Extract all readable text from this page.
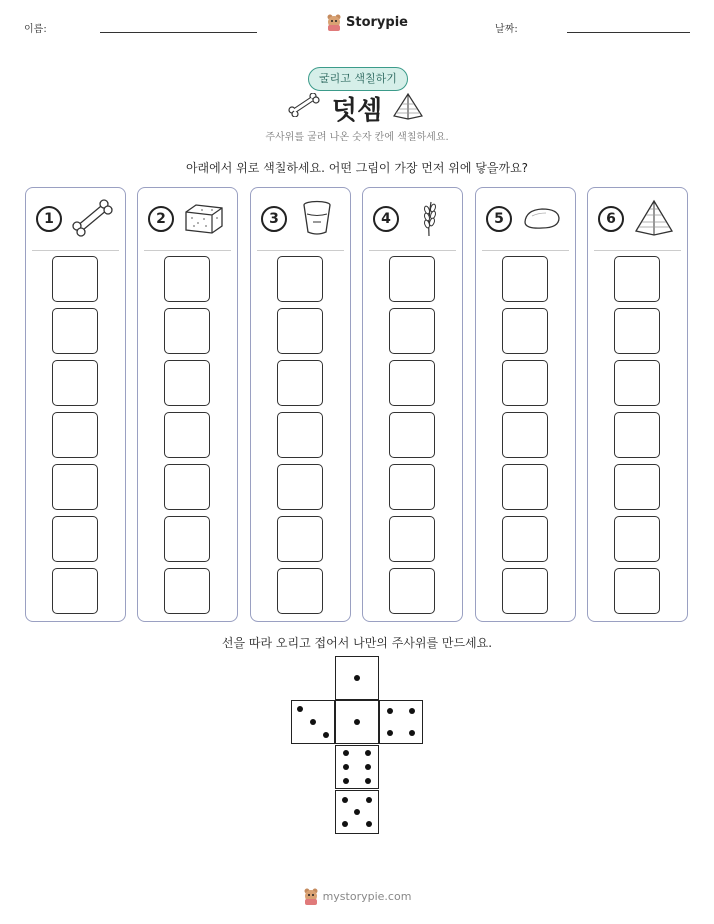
이름:	Storypie	날짜:
굴리고 색칠하기
덧셈
주사위를 굴려 나온 숫자 칸에 색칠하세요.
아래에서 위로 색칠하세요. 어떤 그림이 가장 먼저 위에 닿을까요?
1	2	3	4	5	6
선을 따라 오리고 접어서 나만의 주사위를 만드세요.
mystorypie.com
